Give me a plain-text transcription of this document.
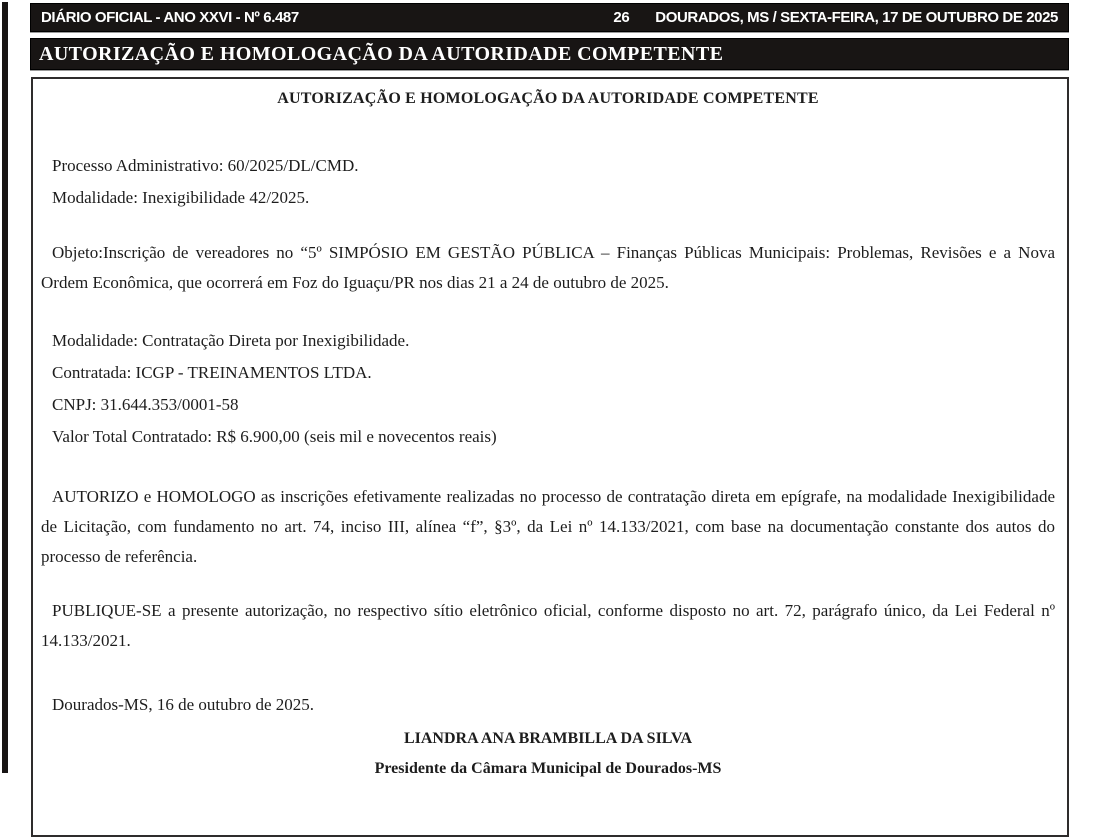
DIÁRIO OFICIAL - ANO XXVI - Nº 6.487	26 DOURADOS, MS / SEXTA-FEIRA, 17 DE OUTUBRO DE 2025
AUTORIZAÇÃO E HOMOLOGAÇÃO DA AUTORIDADE COMPETENTE
AUTORIZAÇÃO E HOMOLOGAÇÃO DA AUTORIDADE COMPETENTE
Processo Administrativo: 60/2025/DL/CMD.
Modalidade: Inexigibilidade 42/2025.
Objeto:Inscrição de vereadores no “5º SIMPÓSIO EM GESTÃO PÚBLICA – Finanças Públicas Municipais: Problemas, Revisões e a Nova Ordem Econômica, que ocorrerá em Foz do Iguaçu/PR nos dias 21 a 24 de outubro de 2025.
Modalidade: Contratação Direta por Inexigibilidade.
Contratada: ICGP - TREINAMENTOS LTDA.
CNPJ: 31.644.353/0001-58
Valor Total Contratado: R$ 6.900,00 (seis mil e novecentos reais)
AUTORIZO e HOMOLOGO as inscrições efetivamente realizadas no processo de contratação direta em epígrafe, na modalidade Inexigibilidade de Licitação, com fundamento no art. 74, inciso III, alínea “f”, §3º, da Lei nº 14.133/2021, com base na documentação constante dos autos do processo de referência.
PUBLIQUE-SE a presente autorização, no respectivo sítio eletrônico oficial, conforme disposto no art. 72, parágrafo único, da Lei Federal nº 14.133/2021.
Dourados-MS, 16 de outubro de 2025.
LIANDRA ANA BRAMBILLA DA SILVA
Presidente da Câmara Municipal de Dourados-MS
